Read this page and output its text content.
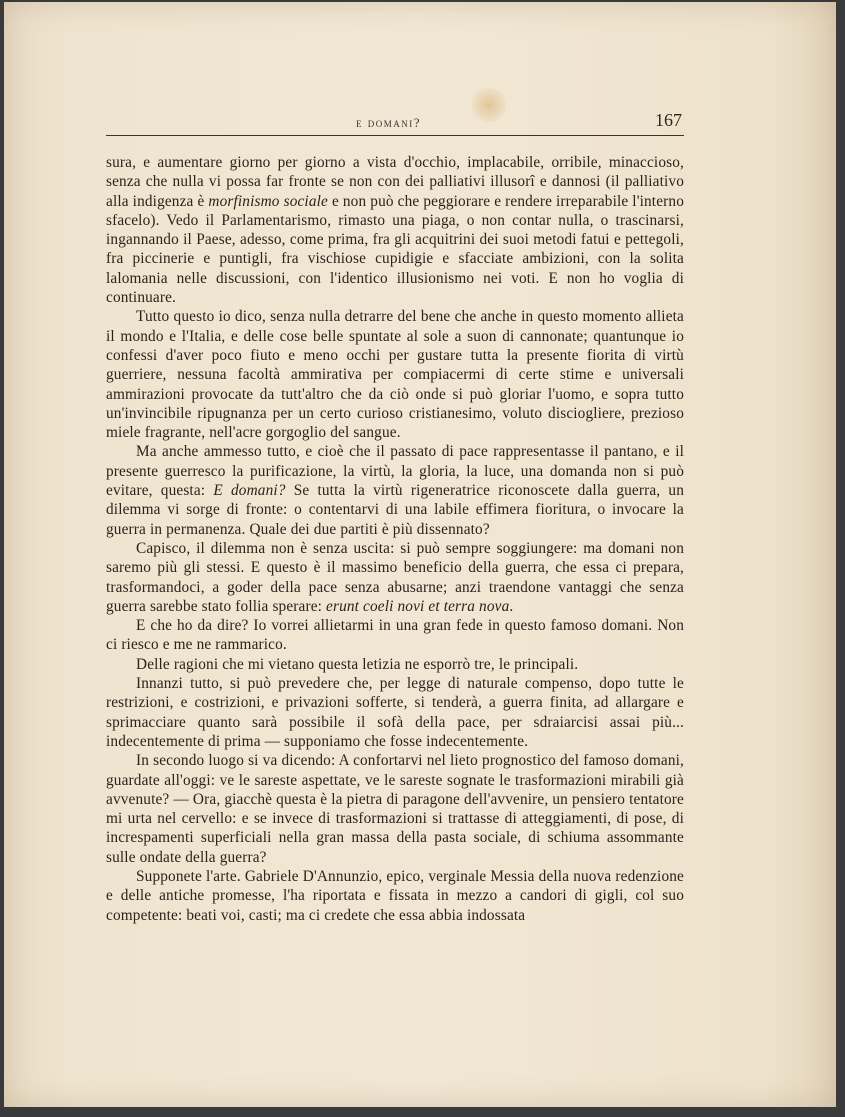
e domani?	167

sura, e aumentare giorno per giorno a vista d'occhio, implacabile, orribile, minaccioso, senza che nulla vi possa far fronte se non con dei palliativi illusorî e dannosi (il palliativo alla indigenza è morfinismo sociale e non può che peggiorare e rendere irreparabile l'interno sfacelo). Vedo il Parlamentarismo, rimasto una piaga, o non contar nulla, o trascinarsi, ingannando il Paese, adesso, come prima, fra gli acquitrini dei suoi metodi fatui e pettegoli, fra piccinerie e puntigli, fra vischiose cupidigie e sfacciate ambizioni, con la solita lalomania nelle discussioni, con l'identico illusionismo nei voti. E non ho voglia di continuare.

Tutto questo io dico, senza nulla detrarre del bene che anche in questo momento allieta il mondo e l'Italia, e delle cose belle spuntate al sole a suon di cannonate; quantunque io confessi d'aver poco fiuto e meno occhi per gustare tutta la presente fiorita di virtù guerriere, nessuna facoltà ammirativa per compiacermi di certe stime e universali ammirazioni provocate da tutt'altro che da ciò onde si può gloriar l'uomo, e sopra tutto un'invincibile ripugnanza per un certo curioso cristianesimo, voluto discioglierе, prezioso miele fragrante, nell'acre gorgoglio del sangue.

Ma anche ammesso tutto, e cioè che il passato di pace rappresentasse il pantano, e il presente guerresco la purificazione, la virtù, la gloria, la luce, una domanda non si può evitare, questa: E domani? Se tutta la virtù rigeneratrice riconoscete dalla guerra, un dilemma vi sorge di fronte: o contentarvi di una labile effimera fioritura, o invocare la guerra in permanenza. Quale dei due partiti è più dissennato?

Capisco, il dilemma non è senza uscita: si può sempre soggiungere: ma domani non saremo più gli stessi. E questo è il massimo beneficio della guerra, che essa ci prepara, trasformandoci, a goder della pace senza abusarne; anzi traendone vantaggi che senza guerra sarebbe stato follia sperare: erunt coeli novi et terra nova.

E che ho da dire? Io vorrei allietarmi in una gran fede in questo famoso domani. Non ci riesco e me ne rammarico.

Delle ragioni che mi vietano questa letizia ne esporrò tre, le principali.

Innanzi tutto, si può prevedere che, per legge di naturale compenso, dopo tutte le restrizioni, e costrizioni, e privazioni sofferte, si tenderà, a guerra finita, ad allargare e sprimacciare quanto sarà possibile il sofà della pace, per sdraiarcisi assai più... indecentemente di prima — supponiamo che fosse indecentemente.

In secondo luogo si va dicendo: A confortarvi nel lieto prognostico del famoso domani, guardate all'oggi: ve le sareste aspettate, ve le sareste sognate le trasformazioni mirabili già avvenute? — Ora, giacchè questa è la pietra di paragone dell'avvenire, un pensiero tentatore mi urta nel cervello: e se invece di trasformazioni si trattasse di atteggiamenti, di pose, di increspamenti superficiali nella gran massa della pasta sociale, di schiuma assommante sulle ondate della guerra?

Supponete l'arte. Gabriele D'Annunzio, epico, verginale Messia della nuova redenzione e delle antiche promesse, l'ha riportata e fissata in mezzo a candori di gigli, col suo competente: beati voi, casti; ma ci credete che essa abbia indossata
